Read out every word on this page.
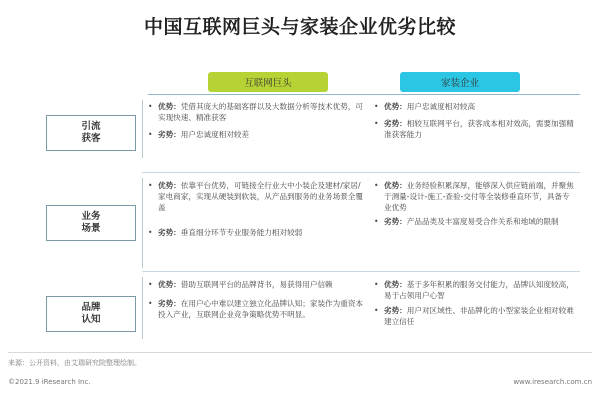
中国互联网巨头与家装企业优劣比较
互联网巨头	家装企业
引流
获客
• 优势：凭借其庞大的基础客群以及大数据分析等技术优势，可实现快速、精准获客
• 劣势：用户忠诚度相对较差
• 优势：用户忠诚度相对较高
• 劣势：相较互联网平台，获客成本相对效高，需要加强精准获客能力
业务
场景
• 优势：依靠平台优势，可链接全行业大中小装企及建材/家居/家电商家，实现从硬装到软装，从产品到服务的业务场景全覆盖
• 劣势：垂直细分环节专业服务能力相对较弱
• 优势：业务经验积累深厚，能够深入供应链前端，并聚焦于测量-设计-施工-查验-交付等全装修垂直环节，具备专业优势
• 劣势：产品品类及丰富度易受合作关系和地域的限制
品牌
认知
• 优势：借助互联网平台的品牌背书，易获得用户信赖
• 劣势：在用户心中难以建立独立化品牌认知；家装作为重资本投入产业，互联网企业竞争策略优势不明显。
• 优势：基于多年积累的服务交付能力，品牌认知度较高，易于占领用户心智
• 劣势：用户对区域性、非品牌化的小型家装企业相对较难建立信任
来源：公开资料，由艾瑞研究院整理绘制。
©2021.9 iResearch Inc.	www.iresearch.com.cn
